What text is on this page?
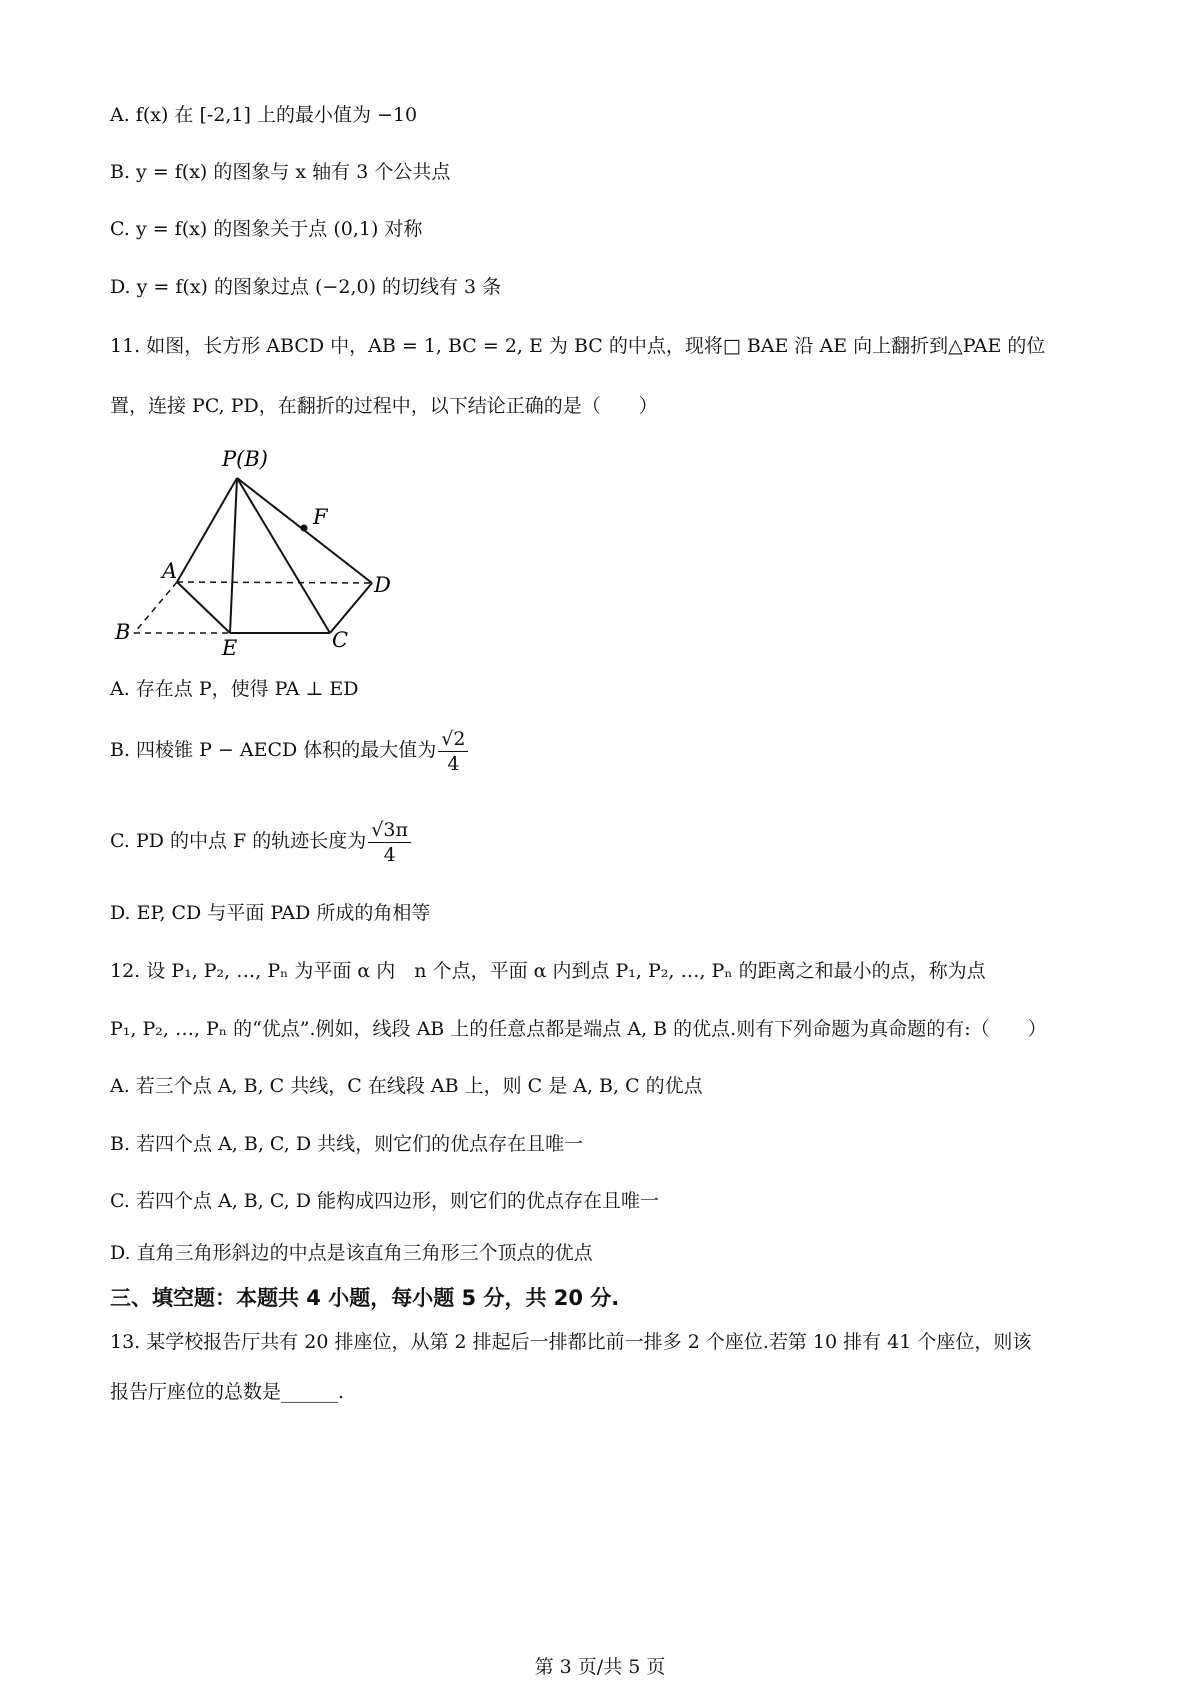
A. f(x) 在 [-2,1] 上的最小值为 −10
B. y = f(x) 的图象与 x 轴有 3 个公共点
C. y = f(x) 的图象关于点 (0,1) 对称
D. y = f(x) 的图象过点 (−2,0) 的切线有 3 条
11. 如图，长方形 ABCD 中，AB = 1, BC = 2, E 为 BC 的中点，现将□ BAE 沿 AE 向上翻折到△PAE 的位
置，连接 PC, PD，在翻折的过程中，以下结论正确的是（　　）
P(B)
F
A
D
B
E	C
A. 存在点 P，使得 PA ⊥ ED
B. 四棱锥 P − AECD 体积的最大值为 $\frac{√2}{4}$
C. PD 的中点 F 的轨迹长度为 $\frac{√3\pi}{4}$
D. EP, CD 与平面 PAD 所成的角相等
12. 设 P₁, P₂, …, Pₙ 为平面 α 内　n 个点，平面 α 内到点 P₁, P₂, …, Pₙ 的距离之和最小的点，称为点
P₁, P₂, …, Pₙ 的“优点”.例如，线段 AB 上的任意点都是端点 A, B 的优点.则有下列命题为真命题的有:（　　）
A. 若三个点 A, B, C 共线，C 在线段 AB 上，则 C 是 A, B, C 的优点
B. 若四个点 A, B, C, D 共线，则它们的优点存在且唯一
C. 若四个点 A, B, C, D 能构成四边形，则它们的优点存在且唯一
D. 直角三角形斜边的中点是该直角三角形三个顶点的优点
三、填空题：本题共 4 小题，每小题 5 分，共 20 分.
13. 某学校报告厅共有 20 排座位，从第 2 排起后一排都比前一排多 2 个座位.若第 10 排有 41 个座位，则该
报告厅座位的总数是______.
第 3 页/共 5 页
